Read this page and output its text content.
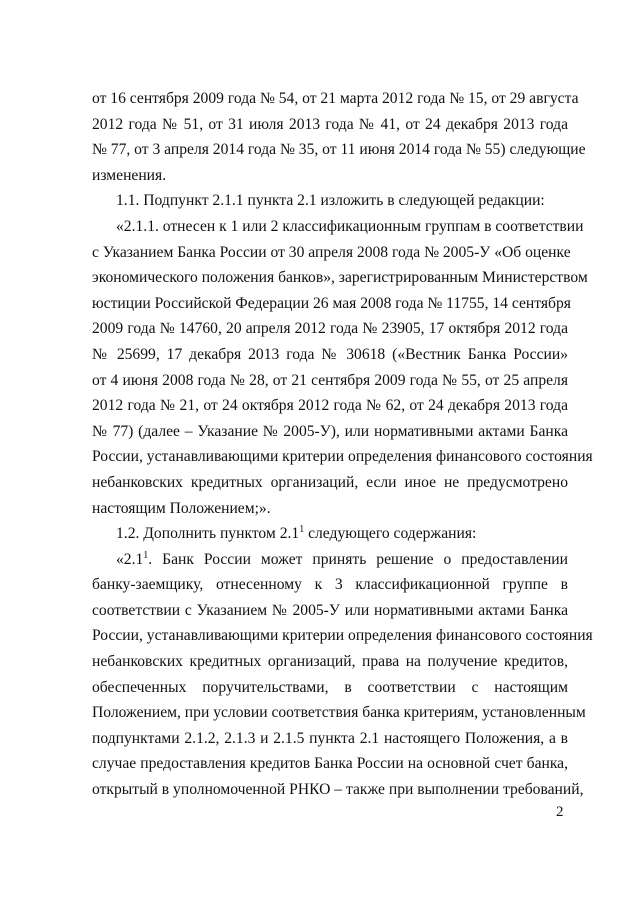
от 16 сентября 2009 года № 54, от 21 марта 2012 года № 15, от 29 августа
2012 года № 51, от 31 июля 2013 года № 41, от 24 декабря 2013 года
№ 77, от 3 апреля 2014 года № 35, от 11 июня 2014 года № 55) следующие
изменения.
1.1. Подпункт 2.1.1 пункта 2.1 изложить в следующей редакции:
«2.1.1. отнесен к 1 или 2 классификационным группам в соответствии
с Указанием Банка России от 30 апреля 2008 года № 2005-У «Об оценке
экономического положения банков», зарегистрированным Министерством
юстиции Российской Федерации 26 мая 2008 года № 11755, 14 сентября
2009 года № 14760, 20 апреля 2012 года № 23905, 17 октября 2012 года
№ 25699, 17 декабря 2013 года № 30618 («Вестник Банка России»
от 4 июня 2008 года № 28, от 21 сентября 2009 года № 55, от 25 апреля
2012 года № 21, от 24 октября 2012 года № 62, от 24 декабря 2013 года
№ 77) (далее – Указание № 2005-У), или нормативными актами Банка
России, устанавливающими критерии определения финансового состояния
небанковских кредитных организаций, если иное не предусмотрено
настоящим Положением;».
1.2. Дополнить пунктом $2.1^1$ следующего содержания:
«$2.1^1$. Банк России может принять решение о предоставлении
банку-заемщику, отнесенному к 3 классификационной группе в
соответствии с Указанием № 2005-У или нормативными актами Банка
России, устанавливающими критерии определения финансового состояния
небанковских кредитных организаций, права на получение кредитов,
обеспеченных поручительствами, в соответствии с настоящим
Положением, при условии соответствия банка критериям, установленным
подпунктами 2.1.2, 2.1.3 и 2.1.5 пункта 2.1 настоящего Положения, а в
случае предоставления кредитов Банка России на основной счет банка,
открытый в уполномоченной РНКО – также при выполнении требований,
2
